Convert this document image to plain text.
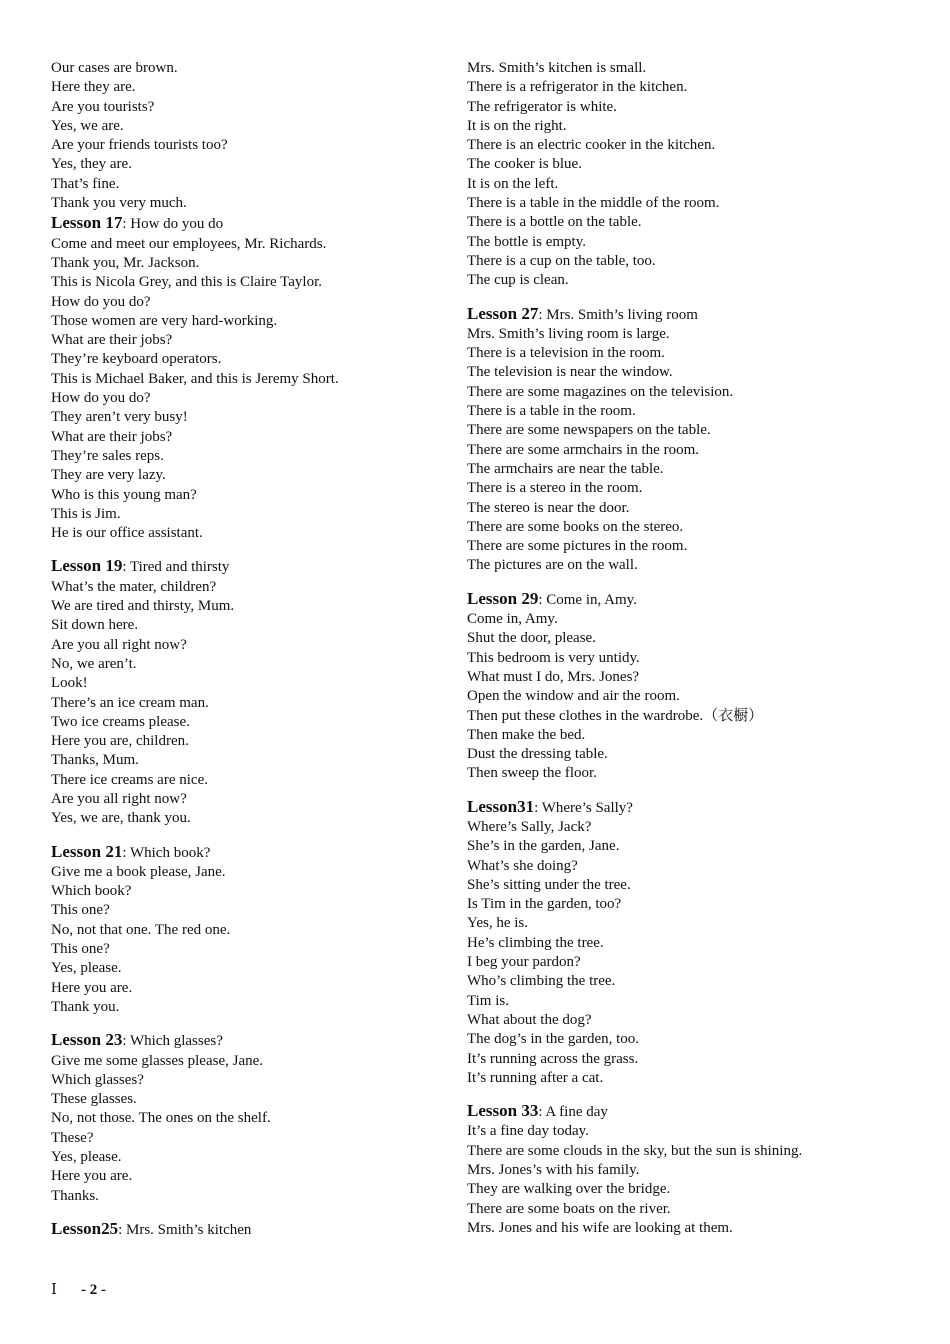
Our cases are brown.
Here they are.
Are you tourists?
Yes, we are.
Are your friends tourists too?
Yes, they are.
That’s fine.
Thank you very much.
Lesson 17: How do you do
Come and meet our employees, Mr. Richards.
Thank you, Mr. Jackson.
This is Nicola Grey, and this is Claire Taylor.
How do you do?
Those women are very hard-working.
What are their jobs?
They’re keyboard operators.
This is Michael Baker, and this is Jeremy Short.
How do you do?
They aren’t very busy!
What are their jobs?
They’re sales reps.
They are very lazy.
Who is this young man?
This is Jim.
He is our office assistant.
Lesson 19: Tired and thirsty
What’s the mater, children?
We are tired and thirsty, Mum.
Sit down here.
Are you all right now?
No, we aren’t.
Look!
There’s an ice cream man.
Two ice creams please.
Here you are, children.
Thanks, Mum.
There ice creams are nice.
Are you all right now?
Yes, we are, thank you.
Lesson 21: Which book?
Give me a book please, Jane.
Which book?
This one?
No, not that one. The red one.
This one?
Yes, please.
Here you are.
Thank you.
Lesson 23: Which glasses?
Give me some glasses please, Jane.
Which glasses?
These glasses.
No, not those. The ones on the shelf.
These?
Yes, please.
Here you are.
Thanks.
Lesson25: Mrs. Smith’s kitchen
Mrs. Smith’s kitchen is small.
There is a refrigerator in the kitchen.
The refrigerator is white.
It is on the right.
There is an electric cooker in the kitchen.
The cooker is blue.
It is on the left.
There is a table in the middle of the room.
There is a bottle on the table.
The bottle is empty.
There is a cup on the table, too.
The cup is clean.
Lesson 27: Mrs. Smith’s living room
Mrs. Smith’s living room is large.
There is a television in the room.
The television is near the window.
There are some magazines on the television.
There is a table in the room.
There are some newspapers on the table.
There are some armchairs in the room.
The armchairs are near the table.
There is a stereo in the room.
The stereo is near the door.
There are some books on the stereo.
There are some pictures in the room.
The pictures are on the wall.
Lesson 29: Come in, Amy.
Come in, Amy.
Shut the door, please.
This bedroom is very untidy.
What must I do, Mrs. Jones?
Open the window and air the room.
Then put these clothes in the wardrobe.（衣橱）
Then make the bed.
Dust the dressing table.
Then sweep the floor.
Lesson31: Where’s Sally?
Where’s Sally, Jack?
She’s in the garden, Jane.
What’s she doing?
She’s sitting under the tree.
Is Tim in the garden, too?
Yes, he is.
He’s climbing the tree.
I beg your pardon?
Who’s climbing the tree.
Tim is.
What about the dog?
The dog’s in the garden, too.
It’s running across the grass.
It’s running after a cat.
Lesson 33: A fine day
It’s a fine day today.
There are some clouds in the sky, but the sun is shining.
Mrs. Jones’s with his family.
They are walking over the bridge.
There are some boats on the river.
Mrs. Jones and his wife are looking at them.
Ⅰ - 2 -
